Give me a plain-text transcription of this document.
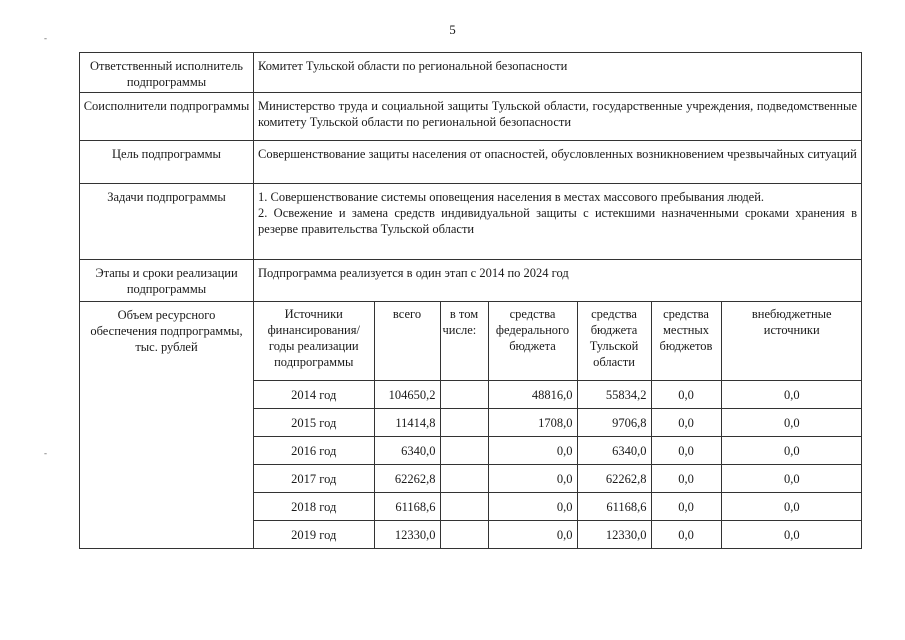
5
-
-
Ответственный исполнитель подпрограммы	Комитет Тульской области по региональной безопасности
Соисполнители подпрограммы	Министерство труда и социальной защиты Тульской области, государственные учреждения, подведомственные комитету Тульской области по региональной безопасности
Цель подпрограммы	Совершенствование защиты населения от опасностей, обусловленных возникновением чрезвычайных ситуаций
Задачи подпрограммы	1. Совершенствование системы оповещения населения в местах массового пребывания людей.
2. Освежение и замена средств индивидуальной защиты с истекшими назначенными сроками хранения в резерве правительства Тульской области

Этапы и сроки реализации подпрограммы	Подпрограмма реализуется в один этап с 2014 по 2024 год
Объем ресурсного обеспечения подпрограммы, тыс. рублей	
Источники финансирования/ годы реализации подпрограммы	всего	в том числе:	средства федерального бюджета	средства бюджета Тульской области	средства местных бюджетов	внебюджетные источники
2014 год	104650,2		48816,0	55834,2	0,0	0,0
2015 год	11414,8		1708,0	9706,8	0,0	0,0
2016 год	6340,0		0,0	6340,0	0,0	0,0
2017 год	62262,8		0,0	62262,8	0,0	0,0
2018 год	61168,6		0,0	61168,6	0,0	0,0
2019 год	12330,0		0,0	12330,0	0,0	0,0
